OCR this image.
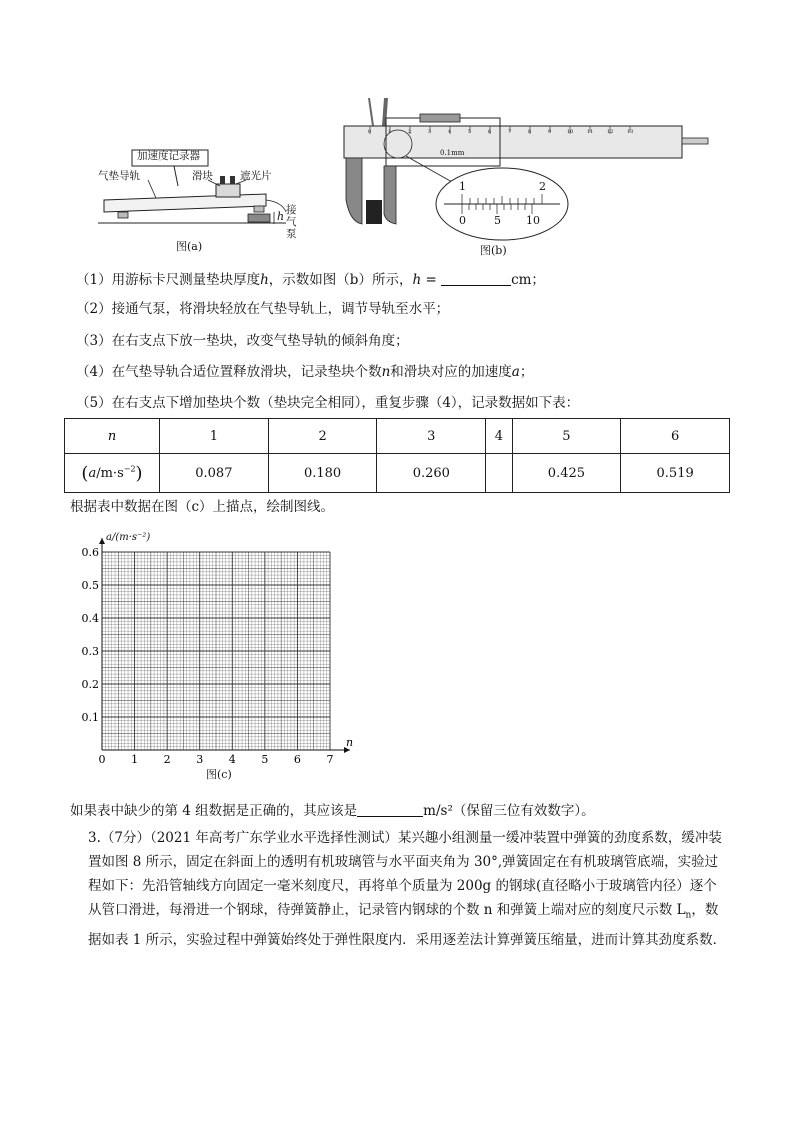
加速度记录器
气垫导轨	滑块	遮光片
接气泵
h
图(a)
0	1	2	3	4	5	6	7	8	9	10	11	12	13
0.1mm
1	2
0	5 10
图(b)
（1）用游标卡尺测量垫块厚度h，示数如图（b）所示，h =	cm；
（2）接通气泵，将滑块轻放在气垫导轨上，调节导轨至水平；
（3）在右支点下放一垫块，改变气垫导轨的倾斜角度；
（4）在气垫导轨合适位置释放滑块，记录垫块个数n和滑块对应的加速度a；
（5）在右支点下增加垫块个数（垫块完全相同），重复步骤（4），记录数据如下表：
n	1	2	3	4	5	6
$(a/m\cdot s^{-2})$	0.087	0.180	0.260		0.425	0.519
根据表中数据在图（c）上描点，绘制图线。
0 1 2 3 4 5 6 7
0.1
0.2
0.3
0.4
0.5
0.6
n
a/(m·s⁻²)
图(c)
如果表中缺少的第 4 组数据是正确的，其应该是	m/s²（保留三位有效数字）。
3.（7分）（2021 年高考广东学业水平选择性测试）某兴趣小组测量一缓冲装置中弹簧的劲度系数，缓冲装置如图 8 所示，固定在斜面上的透明有机玻璃管与水平面夹角为 30°,弹簧固定在有机玻璃管底端，实验过程如下：先沿管轴线方向固定一毫米刻度尺，再将单个质量为 200g 的钢球(直径略小于玻璃管内径）逐个从管口滑进，每滑进一个钢球，待弹簧静止，记录管内钢球的个数 n 和弹簧上端对应的刻度尺示数 $L_n$，数据如表 1 所示，实验过程中弹簧始终处于弹性限度内．采用逐差法计算弹簧压缩量，进而计算其劲度系数．
